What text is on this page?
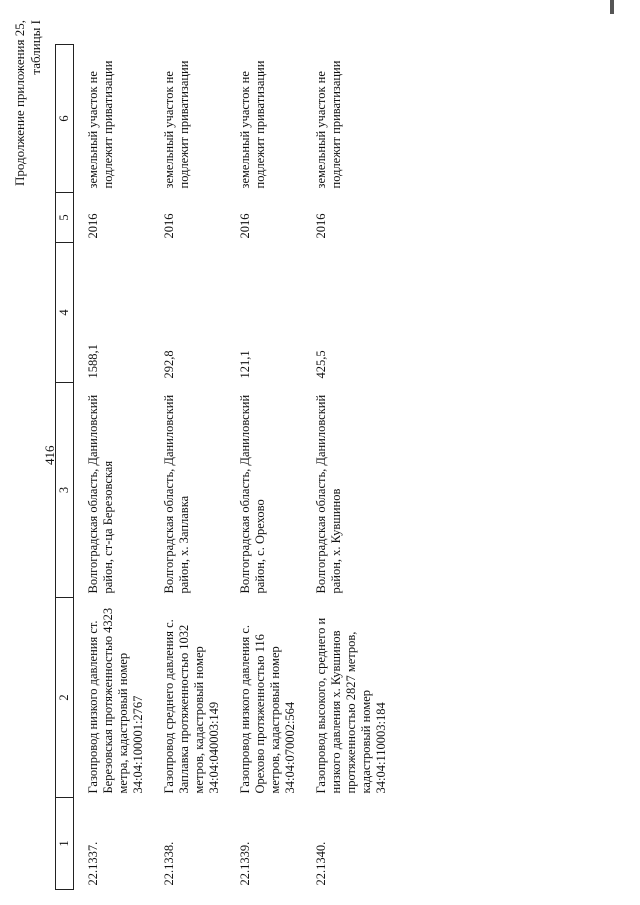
416
Продолжение приложения 25, таблицы I
1	2	3	4	5	6
22.1337.	Газопровод низкого давления ст. Березовская протяженностью 4323 метра, кадастровый номер 34:04:100001:2767	Волгоградская область, Даниловский район, ст-ца Березовская	1588,1	2016	земельный участок не подлежит приватизации
22.1338.	Газопровод среднего давления с. Заплавка протяженностью 1032 метров, кадастровый номер 34:04:040003:149	Волгоградская область, Даниловский район, х. Заплавка	292,8	2016	земельный участок не подлежит приватизации
22.1339.	Газопровод низкого давления с. Орехово протяженностью 116 метров, кадастровый номер 34:04:070002:564	Волгоградская область, Даниловский район, с. Орехово	121,1	2016	земельный участок не подлежит приватизации
22.1340.	Газопровод высокого, среднего и низкого давления х. Кувшинов протяженностью 2827 метров, кадастровый номер 34:04:110003:184	Волгоградская область, Даниловский район, х. Кувшинов	425,5	2016	земельный участок не подлежит приватизации
